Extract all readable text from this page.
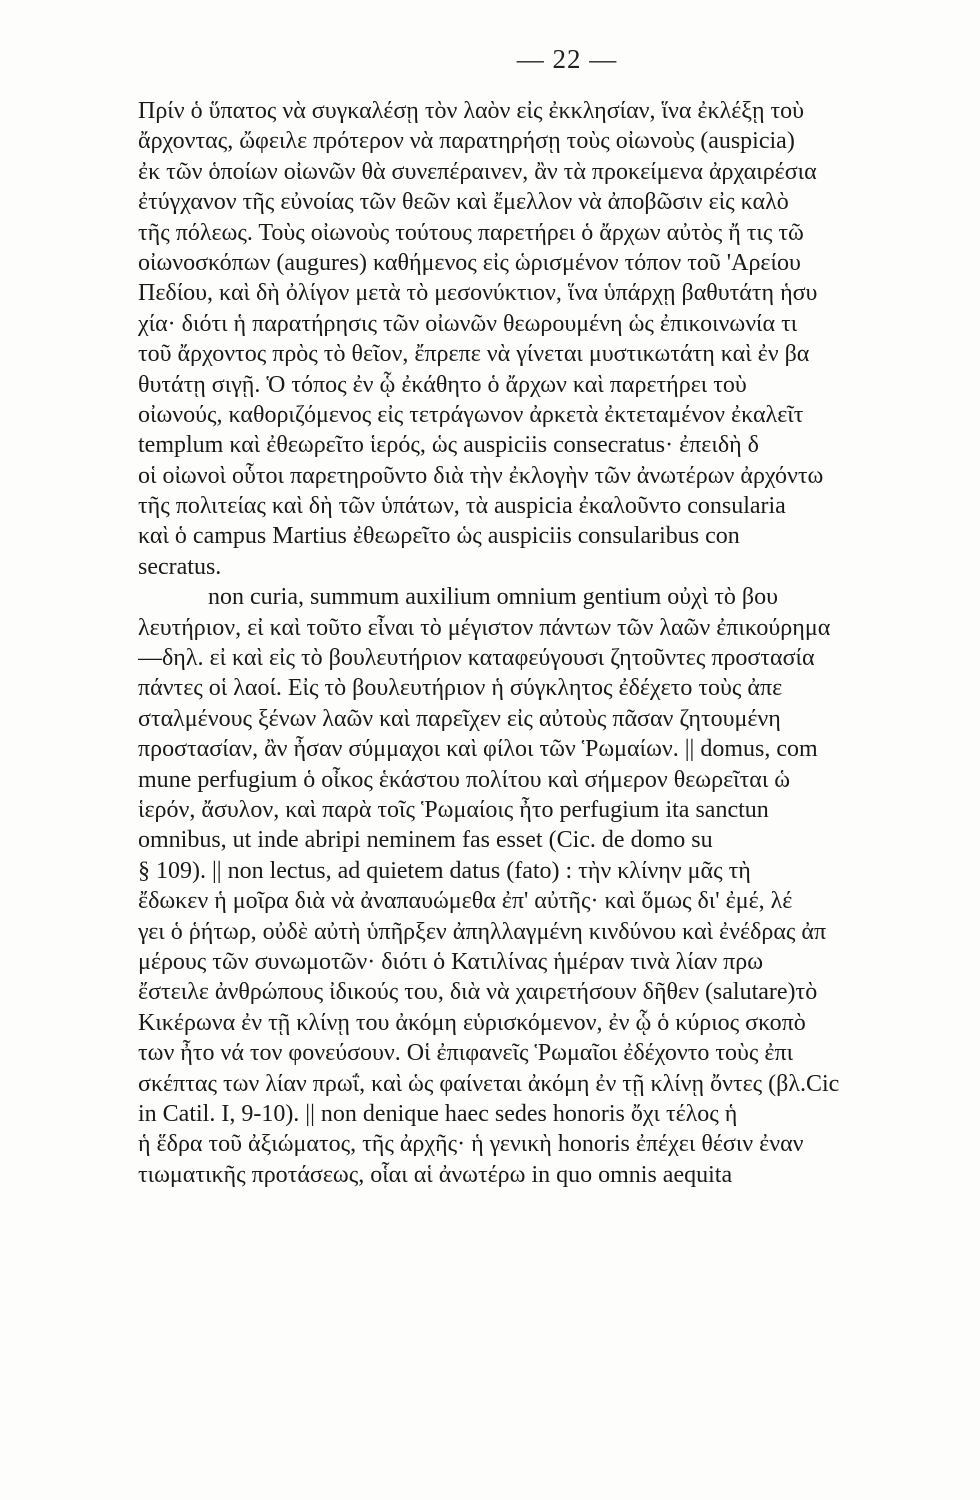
— 22 —
Πρίν ὁ ὕπατος νὰ συγκαλέσῃ τὸν λαὸν εἰς ἐκκλησίαν, ἵνα ἐκλέξῃ τοὺ
ἄρχοντας, ὤφειλε πρότερον νὰ παρατηρήσῃ τοὺς οἰωνοὺς (auspicia)
ἐκ τῶν ὁποίων οἰωνῶν θὰ συνεπέραινεν, ἂν τὰ προκείμενα ἀρχαιρέσια
ἐτύγχανον τῆς εὐνοίας τῶν θεῶν καὶ ἔμελλον νὰ ἀποβῶσιν εἰς καλὸ
τῆς πόλεως. Τοὺς οἰωνοὺς τούτους παρετήρει ὁ ἄρχων αὐτὸς ἤ τις τῶ
οἰωνοσκόπων (augures) καθήμενος εἰς ὡρισμένον τόπον τοῦ 'Αρείου
Πεδίου, καὶ δὴ ὀλίγον μετὰ τὸ μεσονύκτιον, ἵνα ὑπάρχῃ βαθυτάτη ἡσυ
χία· διότι ἡ παρατήρησις τῶν οἰωνῶν θεωρουμένη ὡς ἐπικοινωνία τι
τοῦ ἄρχοντος πρὸς τὸ θεῖον, ἔπρεπε νὰ γίνεται μυστικωτάτη καὶ ἐν βα
θυτάτῃ σιγῇ. Ὁ τόπος ἐν ᾧ ἐκάθητο ὁ ἄρχων καὶ παρετήρει τοὺ
οἰωνούς, καθοριζόμενος εἰς τετράγωνον ἀρκετὰ ἐκτεταμένον ἐκαλεῖτ
templum καὶ ἐθεωρεῖτο ἱερός, ὡς auspiciis consecratus· ἐπειδὴ δ
οἱ οἰωνοὶ οὗτοι παρετηροῦντο διὰ τὴν ἐκλογὴν τῶν ἀνωτέρων ἀρχόντω
τῆς πολιτείας καὶ δὴ τῶν ὑπάτων, τὰ auspicia ἐκαλοῦντο consularia
καὶ ὁ campus Martius ἐθεωρεῖτο ὡς auspiciis consularibus con
secratus.
non curia, summum auxilium omnium gentium οὐχὶ τὸ βου
λευτήριον, εἰ καὶ τοῦτο εἶναι τὸ μέγιστον πάντων τῶν λαῶν ἐπικούρημα
—δηλ. εἰ καὶ εἰς τὸ βουλευτήριον καταφεύγουσι ζητοῦντες προστασία
πάντες οἱ λαοί. Εἰς τὸ βουλευτήριον ἡ σύγκλητος ἐδέχετο τοὺς ἀπε
σταλμένους ξένων λαῶν καὶ παρεῖχεν εἰς αὐτοὺς πᾶσαν ζητουμένη
προστασίαν, ἂν ἦσαν σύμμαχοι καὶ φίλοι τῶν Ῥωμαίων. || domus, com
mune perfugium ὁ οἶκος ἑκάστου πολίτου καὶ σήμερον θεωρεῖται ὡ
ἱερόν, ἄσυλον, καὶ παρὰ τοῖς Ῥωμαίοις ἦτο perfugium ita sanctun
omnibus, ut inde abripi neminem fas esset (Cic. de domo su
§ 109). || non lectus, ad quietem datus (fato) : τὴν κλίνην μᾶς τὴ
ἔδωκεν ἡ μοῖρα διὰ νὰ ἀναπαυώμεθα ἐπ' αὐτῆς· καὶ ὅμως δι' ἐμέ, λέ
γει ὁ ῥήτωρ, οὐδὲ αὐτὴ ὑπῆρξεν ἀπηλλαγμένη κινδύνου καὶ ἐνέδρας ἀπ
μέρους τῶν συνωμοτῶν· διότι ὁ Κατιλίνας ἡμέραν τινὰ λίαν πρω
ἔστειλε ἀνθρώπους ἰδικούς του, διὰ νὰ χαιρετήσουν δῆθεν (salutare)τὸ
Κικέρωνα ἐν τῇ κλίνῃ του ἀκόμη εὑρισκόμενον, ἐν ᾧ ὁ κύριος σκοπὸ
των ἦτο νά τον φονεύσουν. Οἱ ἐπιφανεῖς Ῥωμαῖοι ἐδέχοντο τοὺς ἐπι
σκέπτας των λίαν πρωΐ, καὶ ὡς φαίνεται ἀκόμη ἐν τῇ κλίνῃ ὄντες (βλ.Cic
in Catil. I, 9-10). || non denique haec sedes honoris ὄχι τέλος ἡ
ἡ ἕδρα τοῦ ἀξιώματος, τῆς ἀρχῆς· ἡ γενικὴ honoris ἐπέχει θέσιν ἐναν
τιωματικῆς προτάσεως, οἷαι αἱ ἀνωτέρω in quo omnis aequita
